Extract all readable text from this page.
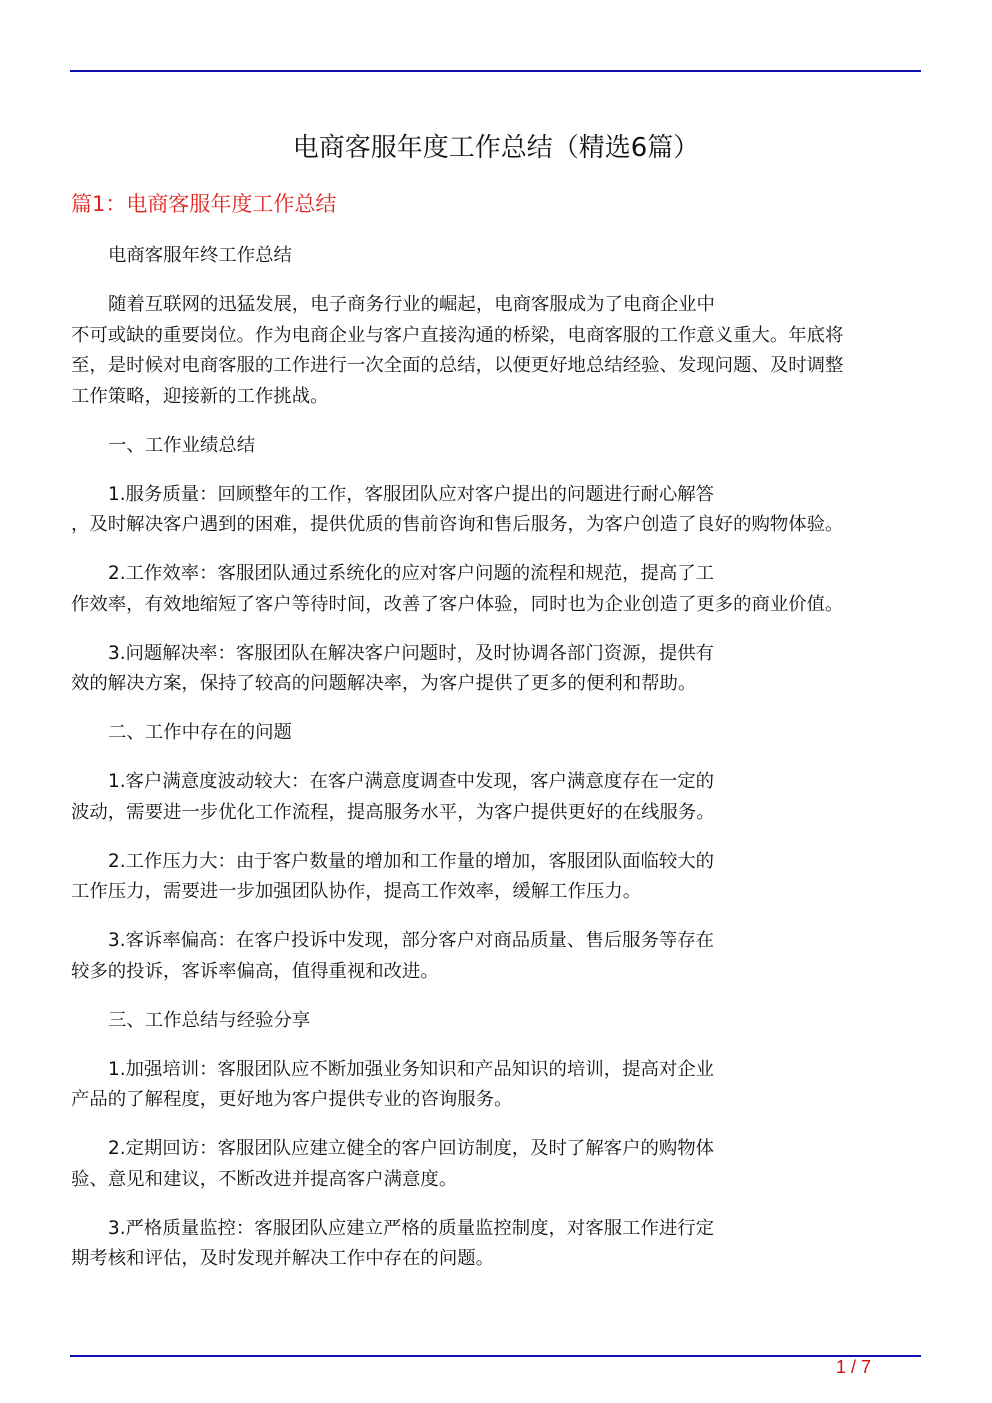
电商客服年度工作总结（精选6篇）
篇1：电商客服年度工作总结
电商客服年终工作总结
随着互联网的迅猛发展，电子商务行业的崛起，电商客服成为了电商企业中
不可或缺的重要岗位。作为电商企业与客户直接沟通的桥梁，电商客服的工作意义重大。年底将
至，是时候对电商客服的工作进行一次全面的总结，以便更好地总结经验、发现问题、及时调整
工作策略，迎接新的工作挑战。
一、工作业绩总结
1.服务质量：回顾整年的工作，客服团队应对客户提出的问题进行耐心解答
，及时解决客户遇到的困难，提供优质的售前咨询和售后服务，为客户创造了良好的购物体验。
2.工作效率：客服团队通过系统化的应对客户问题的流程和规范，提高了工
作效率，有效地缩短了客户等待时间，改善了客户体验，同时也为企业创造了更多的商业价值。
3.问题解决率：客服团队在解决客户问题时，及时协调各部门资源，提供有
效的解决方案，保持了较高的问题解决率，为客户提供了更多的便利和帮助。
二、工作中存在的问题
1.客户满意度波动较大：在客户满意度调查中发现，客户满意度存在一定的
波动，需要进一步优化工作流程，提高服务水平，为客户提供更好的在线服务。
2.工作压力大：由于客户数量的增加和工作量的增加，客服团队面临较大的
工作压力，需要进一步加强团队协作，提高工作效率，缓解工作压力。
3.客诉率偏高：在客户投诉中发现，部分客户对商品质量、售后服务等存在
较多的投诉，客诉率偏高，值得重视和改进。
三、工作总结与经验分享
1.加强培训：客服团队应不断加强业务知识和产品知识的培训，提高对企业
产品的了解程度，更好地为客户提供专业的咨询服务。
2.定期回访：客服团队应建立健全的客户回访制度，及时了解客户的购物体
验、意见和建议，不断改进并提高客户满意度。
3.严格质量监控：客服团队应建立严格的质量监控制度，对客服工作进行定
期考核和评估，及时发现并解决工作中存在的问题。
1 / 7
